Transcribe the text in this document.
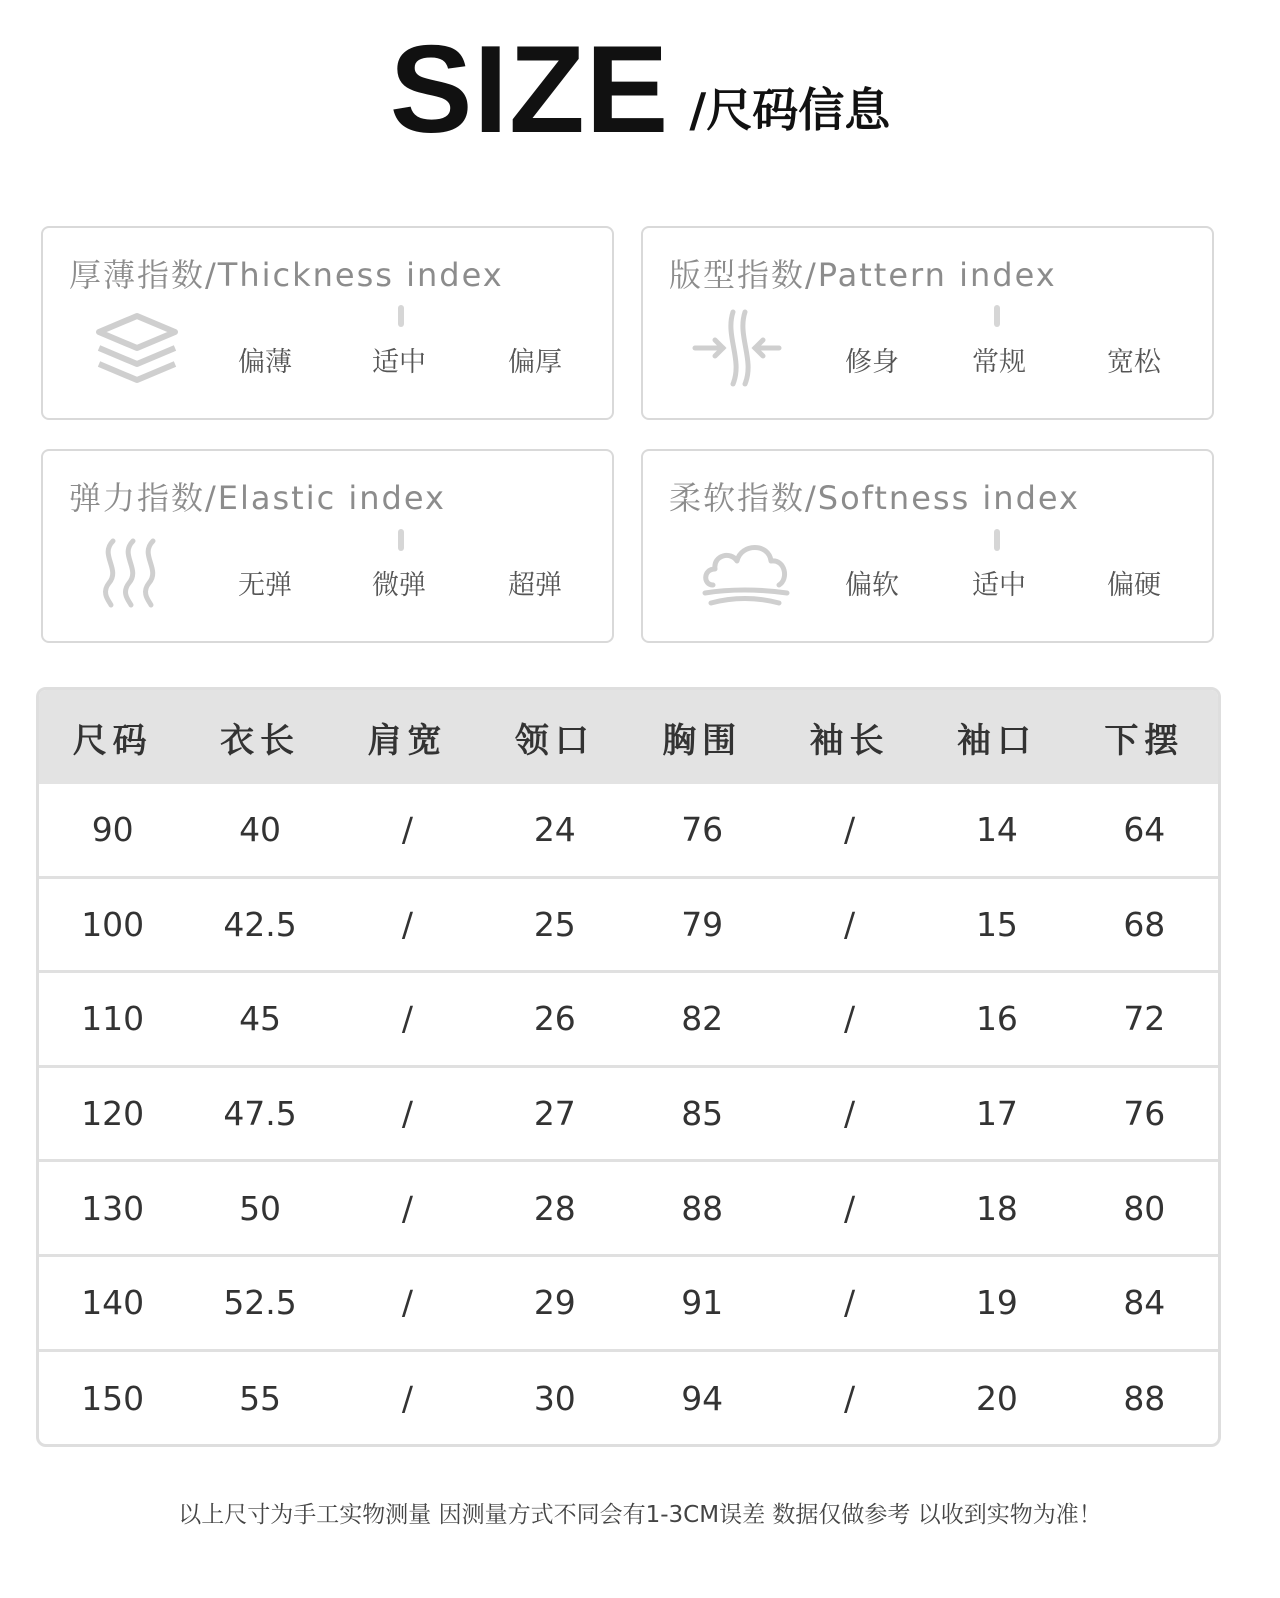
SIZE /尺码信息
厚薄指数/Thickness index
偏薄	适中	偏厚
版型指数/Pattern index
修身	常规	宽松
弹力指数/Elastic index
无弹	微弹	超弹
柔软指数/Softness index
偏软	适中	偏硬
尺码	衣长	肩宽	领口	胸围	袖长	袖口	下摆
90	40	/	24	76	/	14	64
100	42.5	/	25	79	/	15	68
110	45	/	26	82	/	16	72
120	47.5	/	27	85	/	17	76
130	50	/	28	88	/	18	80
140	52.5	/	29	91	/	19	84
150	55	/	30	94	/	20	88
以上尺寸为手工实物测量 因测量方式不同会有1-3CM误差 数据仅做参考 以收到实物为准！
